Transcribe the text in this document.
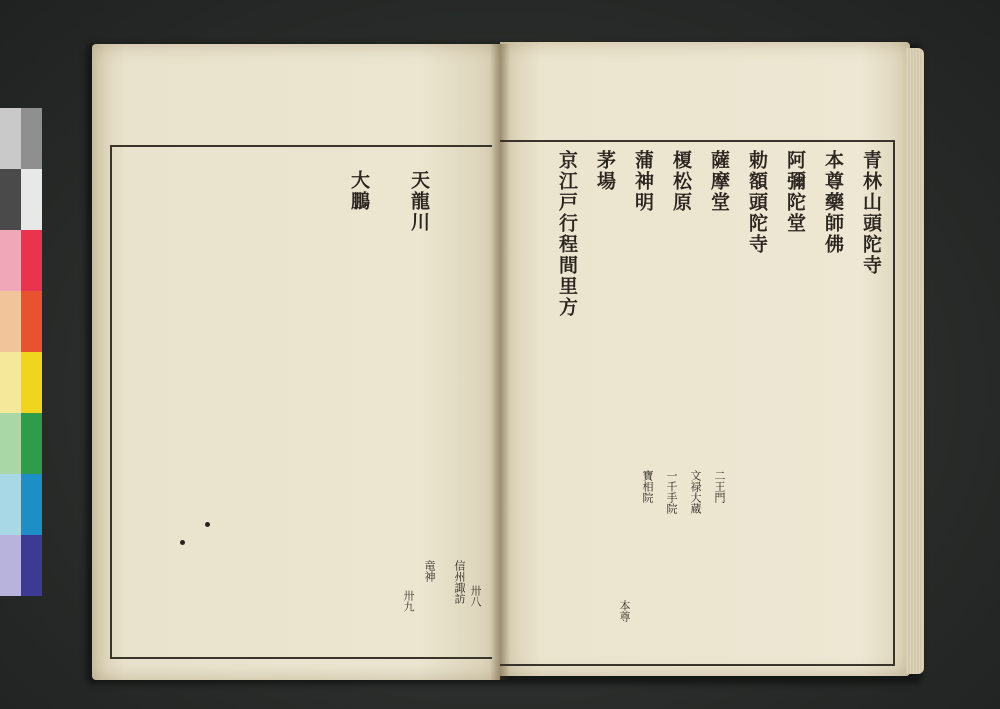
青林山頭陀寺
本尊藥師佛
阿彌陀堂
勅額頭陀寺
薩摩堂
榎松原
蒲神明
茅場
京江戸行程間里方
二王門
文禄大蔵
一千手院
寶相院
天龍川
大鵬
信州諏訪
竜神
本尊
卅八
卅九
